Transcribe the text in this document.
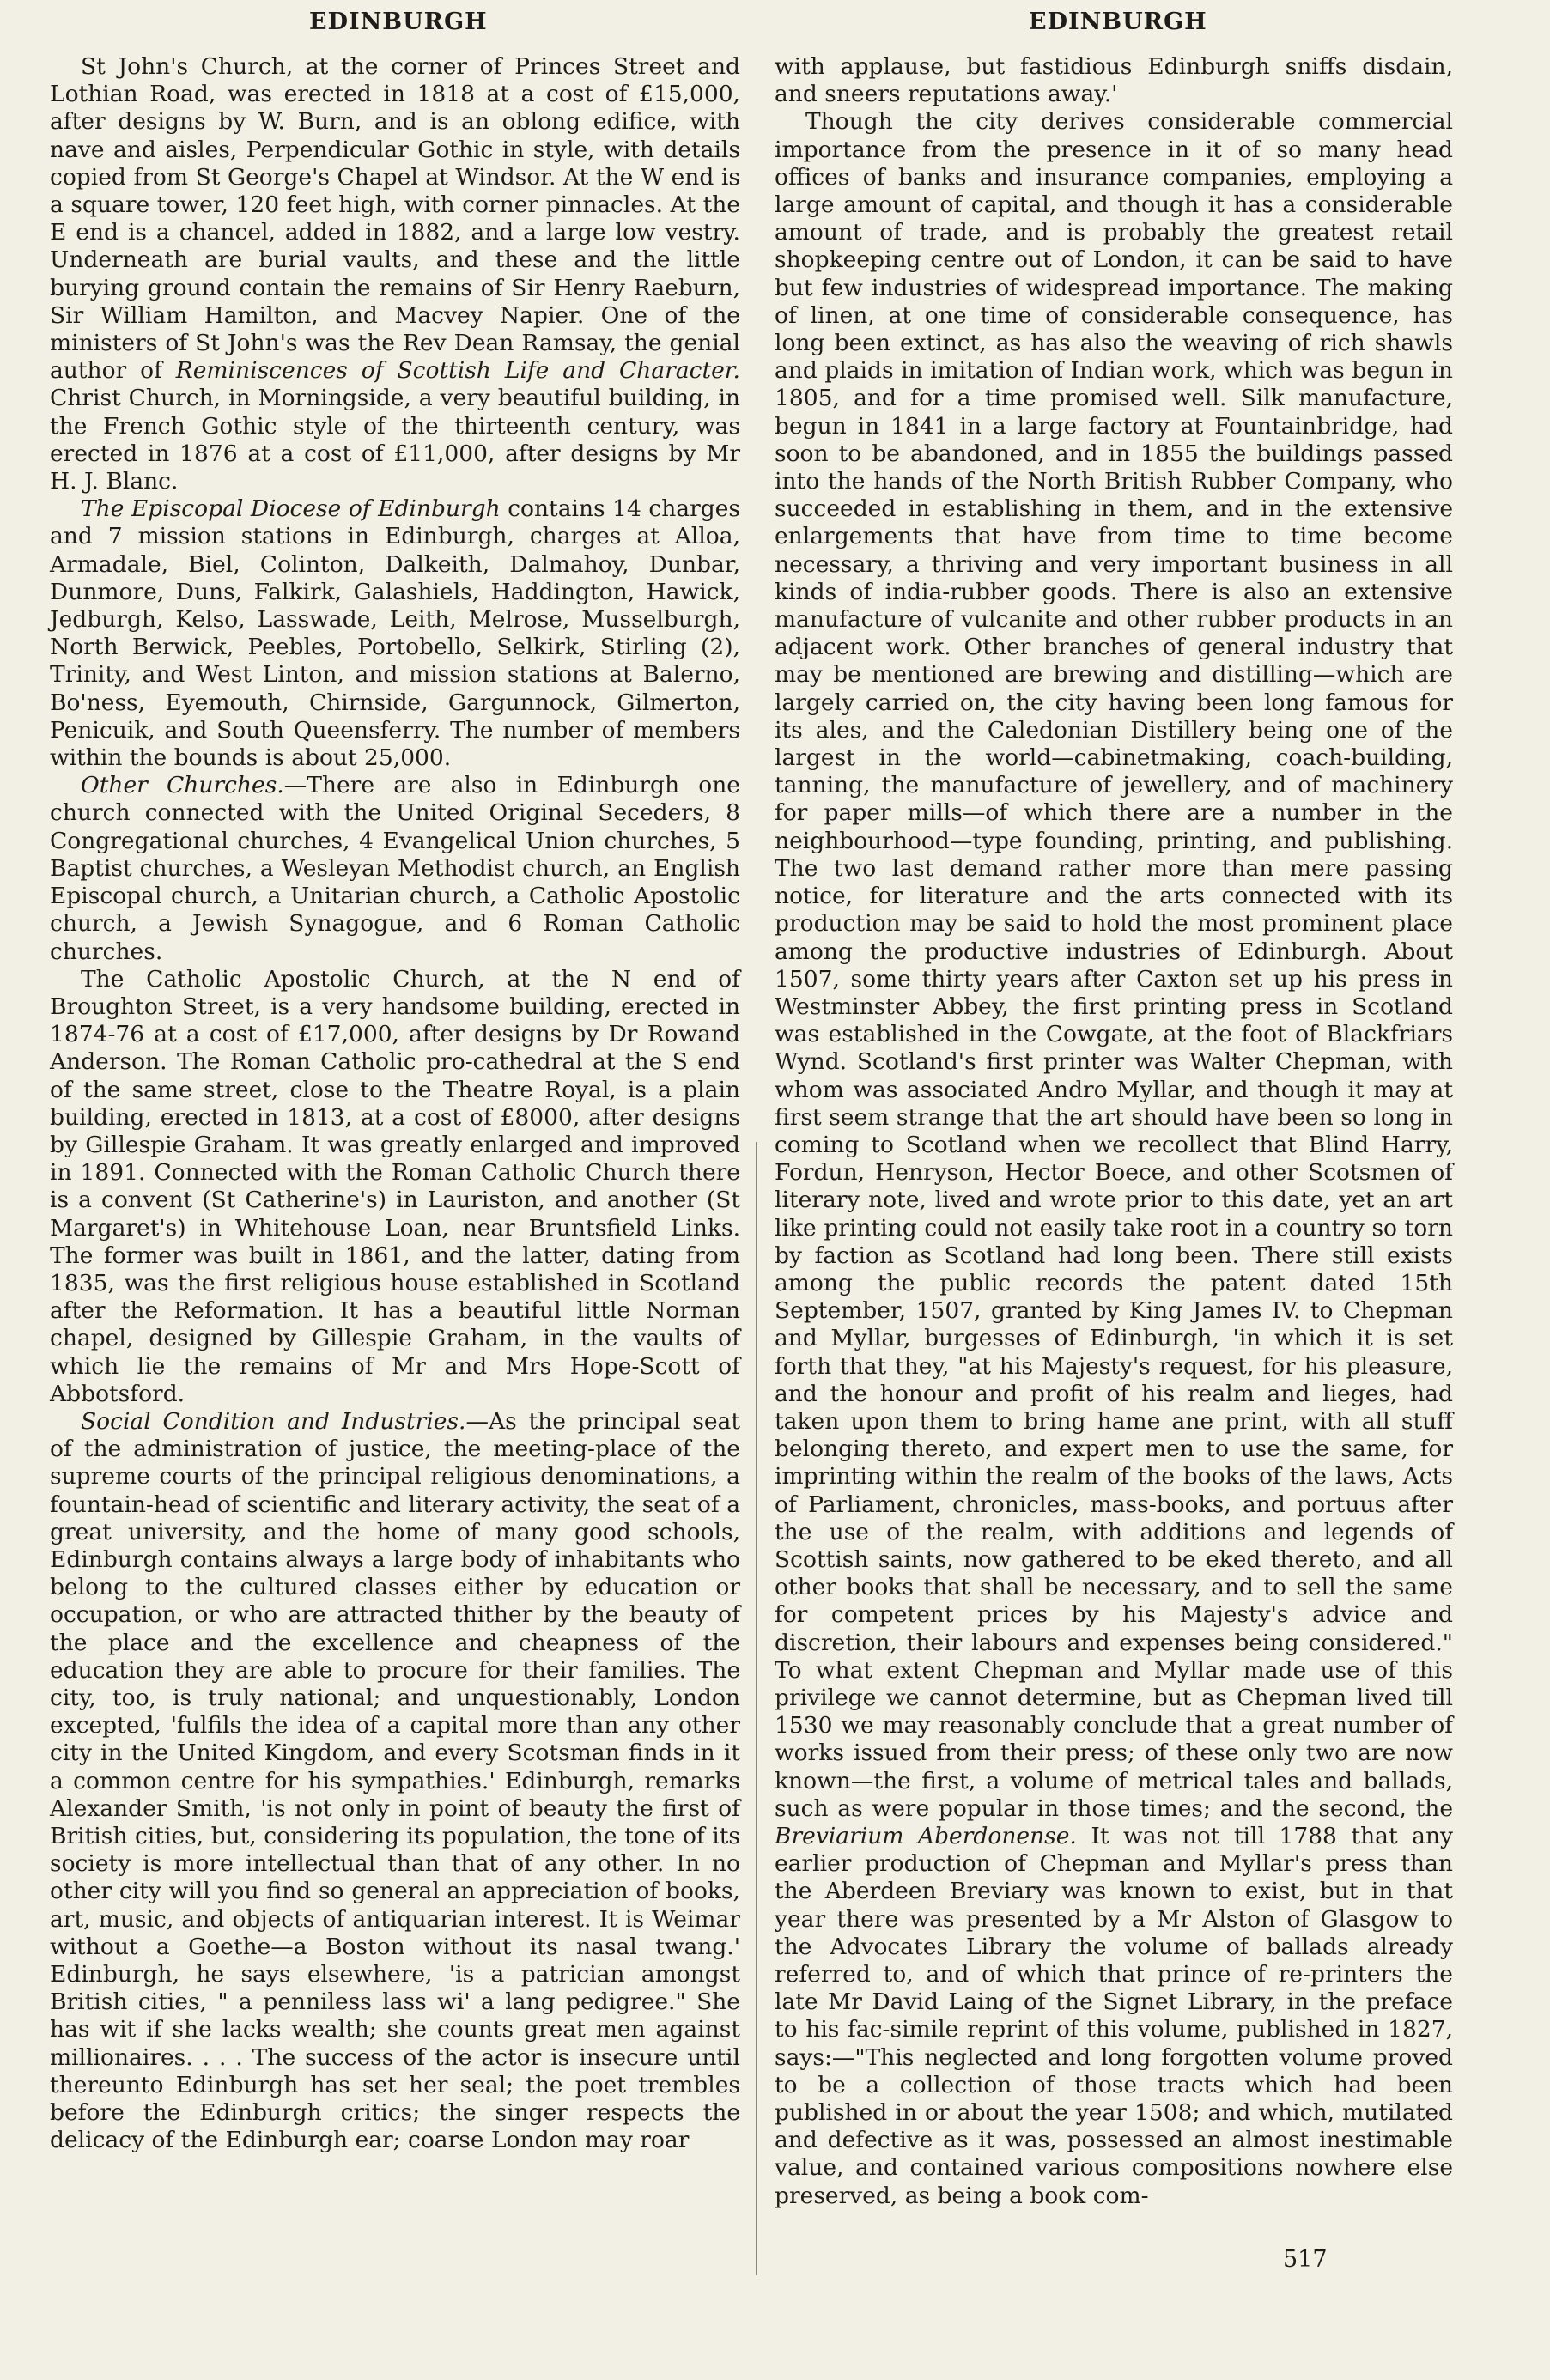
EDINBURGH	EDINBURGH

St John's Church, at the corner of Princes Street and Lothian Road, was erected in 1818 at a cost of £15,000, after designs by W. Burn, and is an oblong edifice, with nave and aisles, Perpendicular Gothic in style, with details copied from St George's Chapel at Windsor. At the W end is a square tower, 120 feet high, with corner pinnacles. At the E end is a chancel, added in 1882, and a large low vestry. Underneath are burial vaults, and these and the little burying ground contain the remains of Sir Henry Raeburn, Sir William Hamilton, and Macvey Napier. One of the ministers of St John's was the Rev Dean Ramsay, the genial author of Reminiscences of Scottish Life and Character. Christ Church, in Morningside, a very beautiful building, in the French Gothic style of the thirteenth century, was erected in 1876 at a cost of £11,000, after designs by Mr H. J. Blanc.

The Episcopal Diocese of Edinburgh contains 14 charges and 7 mission stations in Edinburgh, charges at Alloa, Armadale, Biel, Colinton, Dalkeith, Dalmahoy, Dunbar, Dunmore, Duns, Falkirk, Galashiels, Haddington, Hawick, Jedburgh, Kelso, Lasswade, Leith, Melrose, Musselburgh, North Berwick, Peebles, Portobello, Selkirk, Stirling (2), Trinity, and West Linton, and mission stations at Balerno, Bo'ness, Eyemouth, Chirnside, Gargunnock, Gilmerton, Penicuik, and South Queensferry. The number of members within the bounds is about 25,000.

Other Churches.—There are also in Edinburgh one church connected with the United Original Seceders, 8 Congregational churches, 4 Evangelical Union churches, 5 Baptist churches, a Wesleyan Methodist church, an English Episcopal church, a Unitarian church, a Catholic Apostolic church, a Jewish Synagogue, and 6 Roman Catholic churches.

The Catholic Apostolic Church, at the N end of Broughton Street, is a very handsome building, erected in 1874-76 at a cost of £17,000, after designs by Dr Rowand Anderson. The Roman Catholic pro-cathedral at the S end of the same street, close to the Theatre Royal, is a plain building, erected in 1813, at a cost of £8000, after designs by Gillespie Graham. It was greatly enlarged and improved in 1891. Connected with the Roman Catholic Church there is a convent (St Catherine's) in Lauriston, and another (St Margaret's) in Whitehouse Loan, near Bruntsfield Links. The former was built in 1861, and the latter, dating from 1835, was the first religious house established in Scotland after the Reformation. It has a beautiful little Norman chapel, designed by Gillespie Graham, in the vaults of which lie the remains of Mr and Mrs Hope-Scott of Abbotsford.

Social Condition and Industries.—As the principal seat of the administration of justice, the meeting-place of the supreme courts of the principal religious denominations, a fountain-head of scientific and literary activity, the seat of a great university, and the home of many good schools, Edinburgh contains always a large body of inhabitants who belong to the cultured classes either by education or occupation, or who are attracted thither by the beauty of the place and the excellence and cheapness of the education they are able to procure for their families. The city, too, is truly national; and unquestionably, London excepted, 'fulfils the idea of a capital more than any other city in the United Kingdom, and every Scotsman finds in it a common centre for his sympathies.' Edinburgh, remarks Alexander Smith, 'is not only in point of beauty the first of British cities, but, considering its population, the tone of its society is more intellectual than that of any other. In no other city will you find so general an appreciation of books, art, music, and objects of antiquarian interest. It is Weimar without a Goethe—a Boston without its nasal twang.' Edinburgh, he says elsewhere, 'is a patrician amongst British cities, " a penniless lass wi' a lang pedigree." She has wit if she lacks wealth; she counts great men against millionaires. . . . The success of the actor is insecure until thereunto Edinburgh has set her seal; the poet trembles before the Edinburgh critics; the singer respects the delicacy of the Edinburgh ear; coarse London may roar

with applause, but fastidious Edinburgh sniffs disdain, and sneers reputations away.'

Though the city derives considerable commercial importance from the presence in it of so many head offices of banks and insurance companies, employing a large amount of capital, and though it has a considerable amount of trade, and is probably the greatest retail shopkeeping centre out of London, it can be said to have but few industries of widespread importance. The making of linen, at one time of considerable consequence, has long been extinct, as has also the weaving of rich shawls and plaids in imitation of Indian work, which was begun in 1805, and for a time promised well. Silk manufacture, begun in 1841 in a large factory at Fountainbridge, had soon to be abandoned, and in 1855 the buildings passed into the hands of the North British Rubber Company, who succeeded in establishing in them, and in the extensive enlargements that have from time to time become necessary, a thriving and very important business in all kinds of india-rubber goods. There is also an extensive manufacture of vulcanite and other rubber products in an adjacent work. Other branches of general industry that may be mentioned are brewing and distilling—which are largely carried on, the city having been long famous for its ales, and the Caledonian Distillery being one of the largest in the world—cabinetmaking, coach-building, tanning, the manufacture of jewellery, and of machinery for paper mills—of which there are a number in the neighbourhood—type founding, printing, and publishing. The two last demand rather more than mere passing notice, for literature and the arts connected with its production may be said to hold the most prominent place among the productive industries of Edinburgh. About 1507, some thirty years after Caxton set up his press in Westminster Abbey, the first printing press in Scotland was established in the Cowgate, at the foot of Blackfriars Wynd. Scotland's first printer was Walter Chepman, with whom was associated Andro Myllar, and though it may at first seem strange that the art should have been so long in coming to Scotland when we recollect that Blind Harry, Fordun, Henryson, Hector Boece, and other Scotsmen of literary note, lived and wrote prior to this date, yet an art like printing could not easily take root in a country so torn by faction as Scotland had long been. There still exists among the public records the patent dated 15th September, 1507, granted by King James IV. to Chepman and Myllar, burgesses of Edinburgh, 'in which it is set forth that they, "at his Majesty's request, for his pleasure, and the honour and profit of his realm and lieges, had taken upon them to bring hame ane print, with all stuff belonging thereto, and expert men to use the same, for imprinting within the realm of the books of the laws, Acts of Parliament, chronicles, mass-books, and portuus after the use of the realm, with additions and legends of Scottish saints, now gathered to be eked thereto, and all other books that shall be necessary, and to sell the same for competent prices by his Majesty's advice and discretion, their labours and expenses being considered." To what extent Chepman and Myllar made use of this privilege we cannot determine, but as Chepman lived till 1530 we may reasonably conclude that a great number of works issued from their press; of these only two are now known—the first, a volume of metrical tales and ballads, such as were popular in those times; and the second, the Breviarium Aberdonense. It was not till 1788 that any earlier production of Chepman and Myllar's press than the Aberdeen Breviary was known to exist, but in that year there was presented by a Mr Alston of Glasgow to the Advocates Library the volume of ballads already referred to, and of which that prince of re-printers the late Mr David Laing of the Signet Library, in the preface to his fac-simile reprint of this volume, published in 1827, says:—"This neglected and long forgotten volume proved to be a collection of those tracts which had been published in or about the year 1508; and which, mutilated and defective as it was, possessed an almost inestimable value, and contained various compositions nowhere else preserved, as being a book com-

517
